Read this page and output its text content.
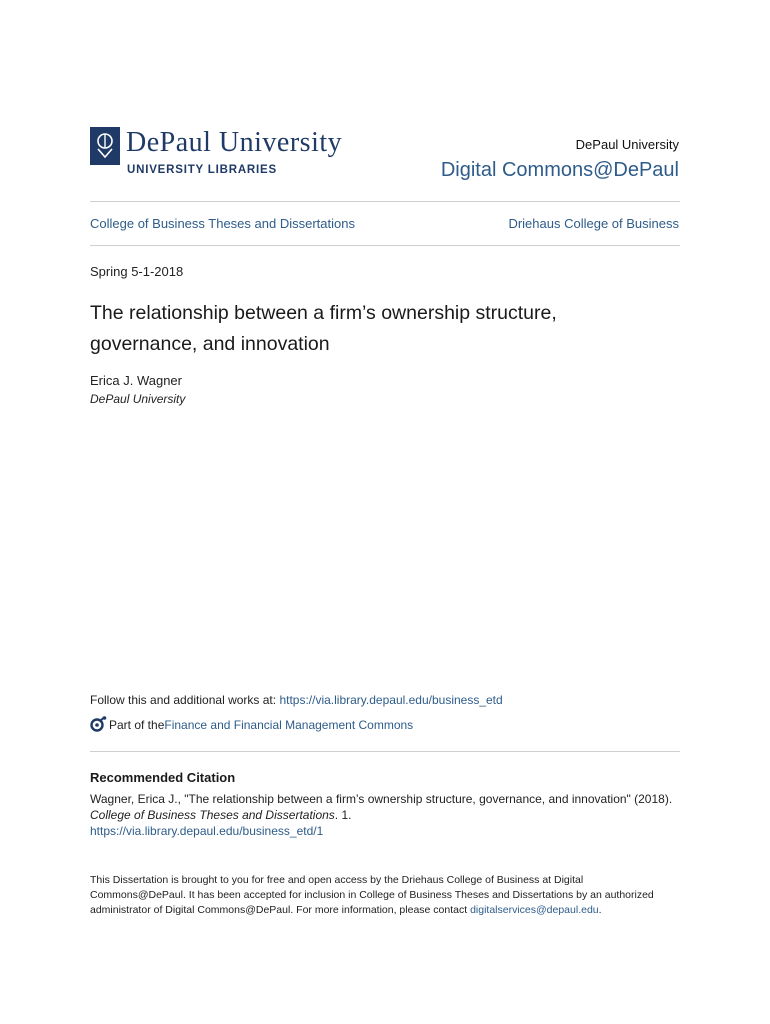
DePaul University
UNIVERSITY LIBRARIES
DePaul University
Digital Commons@DePaul
College of Business Theses and Dissertations	Driehaus College of Business
Spring 5-1-2018
The relationship between a firm’s ownership structure, governance, and innovation
Erica J. Wagner
DePaul University
Follow this and additional works at: https://via.library.depaul.edu/business_etd
Part of the Finance and Financial Management Commons
Recommended Citation
Wagner, Erica J., "The relationship between a firm’s ownership structure, governance, and innovation" (2018). College of Business Theses and Dissertations. 1.
https://via.library.depaul.edu/business_etd/1
This Dissertation is brought to you for free and open access by the Driehaus College of Business at Digital Commons@DePaul. It has been accepted for inclusion in College of Business Theses and Dissertations by an authorized administrator of Digital Commons@DePaul. For more information, please contact digitalservices@depaul.edu.
